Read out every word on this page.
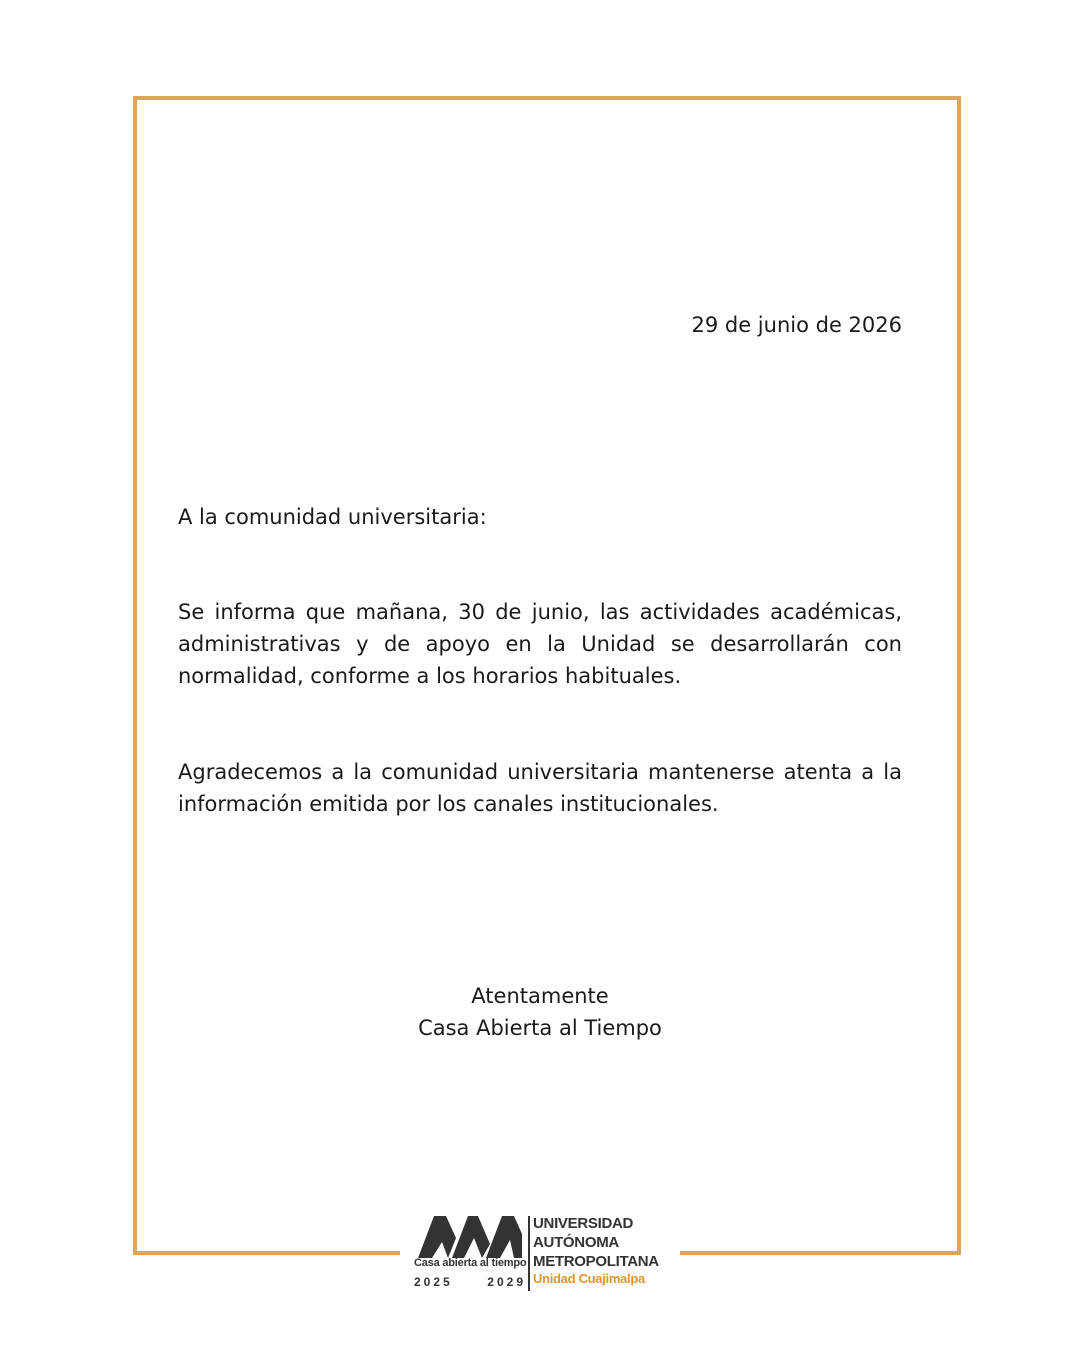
29 de junio de 2026
A la comunidad universitaria:
Se informa que mañana, 30 de junio, las actividades académicas, administrativas y de apoyo en la Unidad se desarrollarán con normalidad, conforme a los horarios habituales.
Agradecemos a la comunidad universitaria mantenerse atenta a la información emitida por los canales institucionales.
Atentamente
Casa Abierta al Tiempo
Casa abierta al tiempo
2025	2029
UNIVERSIDAD
AUTÓNOMA
METROPOLITANA
Unidad Cuajimalpa
